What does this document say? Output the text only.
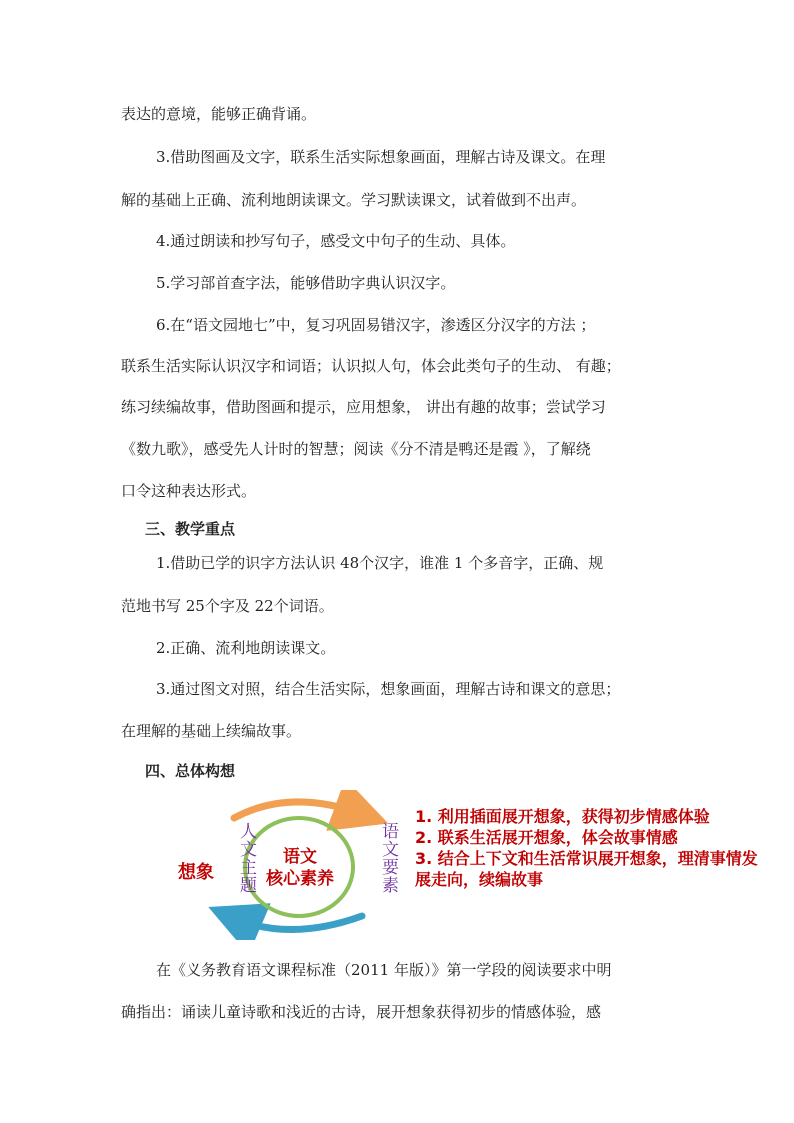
表达的意境，能够正确背诵。
3.借助图画及文字，联系生活实际想象画面，理解古诗及课文。在理
解的基础上正确、流利地朗读课文。学习默读课文，试着做到不出声。
4.通过朗读和抄写句子，感受文中句子的生动、具体。
5.学习部首查字法，能够借助字典认识汉字。
6.在“语文园地七”中，复习巩固易错汉字，渗透区分汉字的方法 ；
联系生活实际认识汉字和词语；认识拟人句，体会此类句子的生动、 有趣；
练习续编故事，借助图画和提示，应用想象， 讲出有趣的故事；尝试学习
《数九歌》，感受先人计时的智慧；阅读《分不清是鸭还是霞 》，了解绕
口令这种表达形式。
三、教学重点
1.借助已学的识字方法认识 48个汉字，谁准 1 个多音字，正确、规
范地书写 25个字及 22个词语。
2.正确、流利地朗读课文。
3.通过图文对照，结合生活实际，想象画面，理解古诗和课文的意思；
在理解的基础上续编故事。
四、总体构想
想象 人文主题	语文
核心素养	语文要素
1. 利用插面展开想象，获得初步情感体验
2. 联系生活展开想象，体会故事情感
3. 结合上下文和生活常识展开想象，理清事情发展走向，续编故事
在《义务教育语文课程标准（2011 年版）》第一学段的阅读要求中明
确指出：诵读儿童诗歌和浅近的古诗，展开想象获得初步的情感体验，感
